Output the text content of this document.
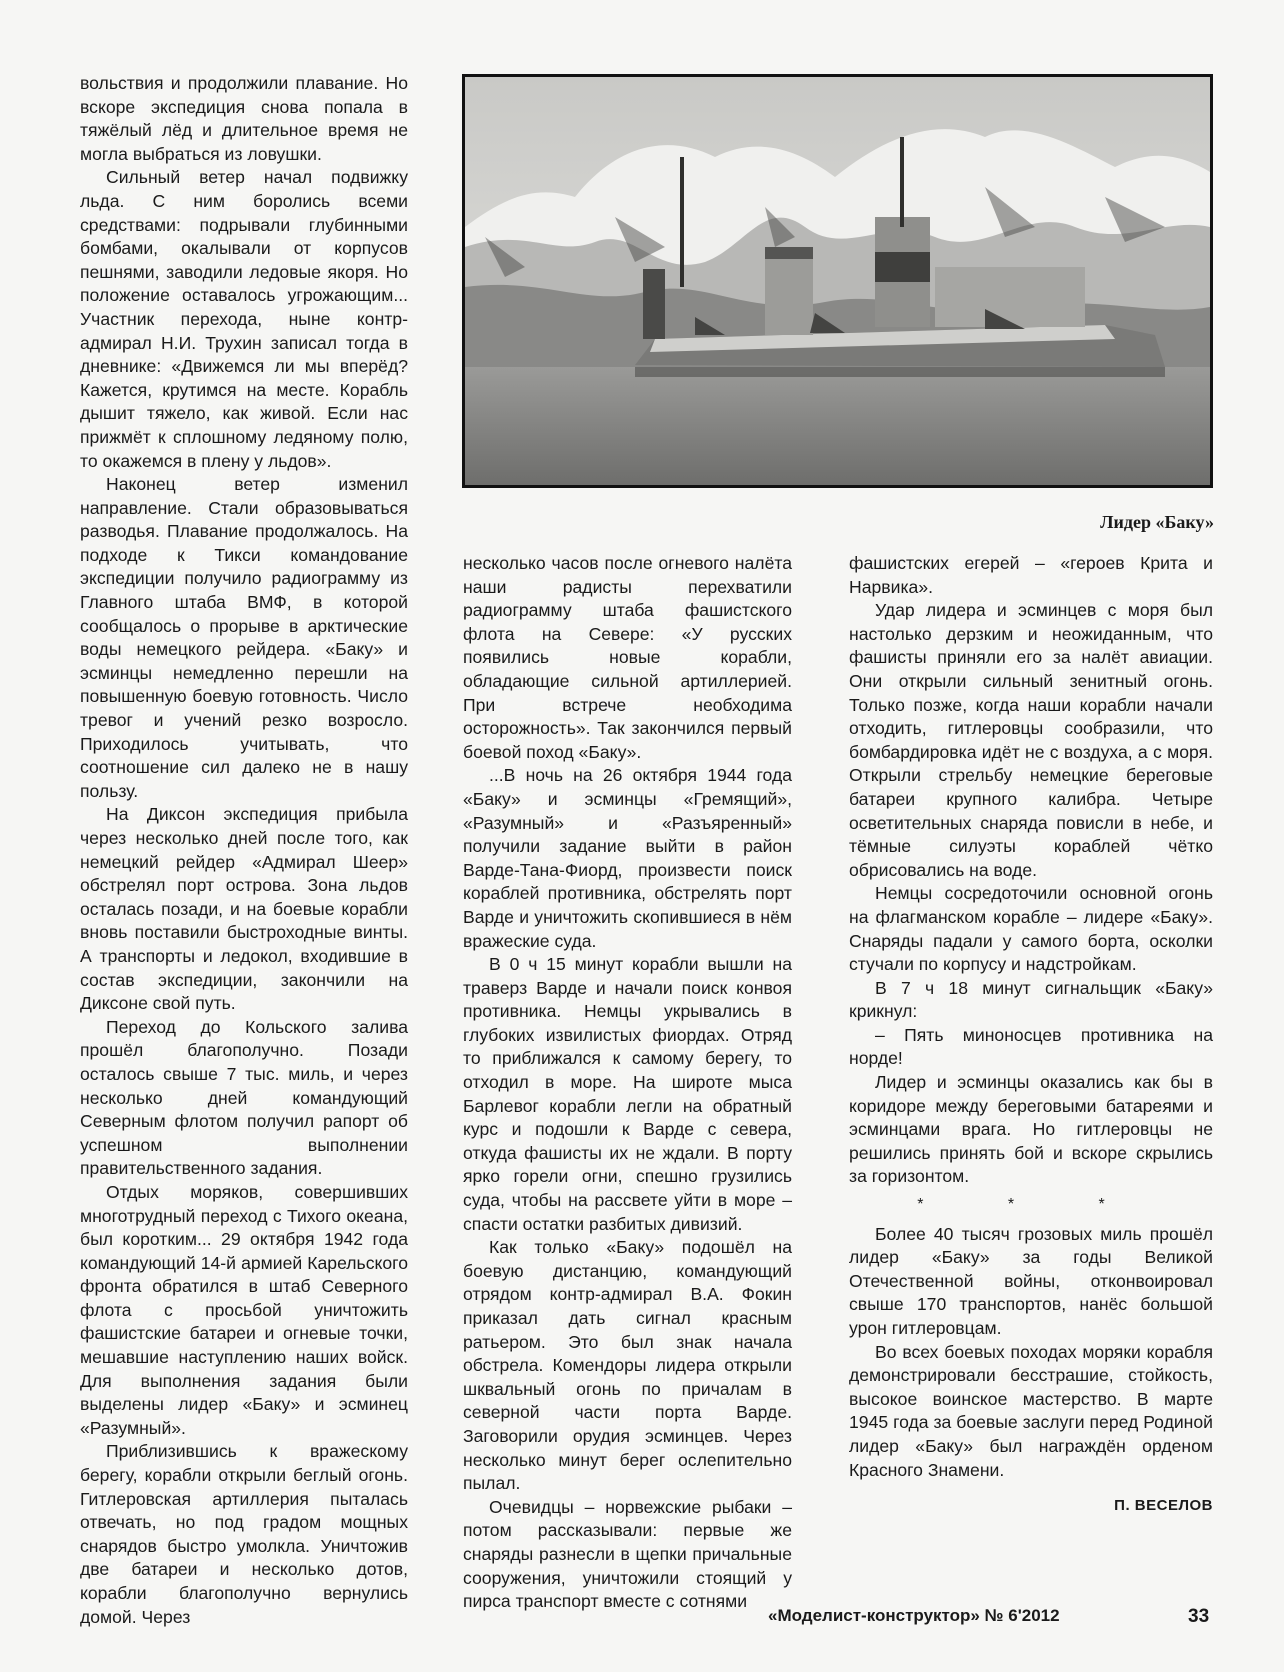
вольствия и продолжили плавание. Но вскоре экспедиция снова попала в тяжёлый лёд и длительное время не могла выбраться из ловушки.

Сильный ветер начал подвижку льда. С ним боролись всеми средствами: подрывали глубинными бомбами, окалывали от корпусов пешнями, заводили ледовые якоря. Но положение оставалось угрожающим... Участник перехода, ныне контр-адмирал Н.И. Трухин записал тогда в дневнике: «Движемся ли мы вперёд? Кажется, крутимся на месте. Корабль дышит тяжело, как живой. Если нас прижмёт к сплошному ледяному полю, то окажемся в плену у льдов».

Наконец ветер изменил направление. Стали образовываться разводья. Плавание продолжалось. На подходе к Тикси командование экспедиции получило радиограмму из Главного штаба ВМФ, в которой сообщалось о прорыве в арктические воды немецкого рейдера. «Баку» и эсминцы немедленно перешли на повышенную боевую готовность. Число тревог и учений резко возросло. Приходилось учитывать, что соотношение сил далеко не в нашу пользу.

На Диксон экспедиция прибыла через несколько дней после того, как немецкий рейдер «Адмирал Шеер» обстрелял порт острова. Зона льдов осталась позади, и на боевые корабли вновь поставили быстроходные винты. А транспорты и ледокол, входившие в состав экспедиции, закончили на Диксоне свой путь.

Переход до Кольского залива прошёл благополучно. Позади осталось свыше 7 тыс. миль, и через несколько дней командующий Северным флотом получил рапорт об успешном выполнении правительственного задания.

Отдых моряков, совершивших многотрудный переход с Тихого океана, был коротким... 29 октября 1942 года командующий 14-й армией Карельского фронта обратился в штаб Северного флота с просьбой уничтожить фашистские батареи и огневые точки, мешавшие наступлению наших войск. Для выполнения задания были выделены лидер «Баку» и эсминец «Разумный».

Приблизившись к вражескому берегу, корабли открыли беглый огонь. Гитлеровская артиллерия пыталась отвечать, но под градом мощных снарядов быстро умолкла. Уничтожив две батареи и несколько дотов, корабли благополучно вернулись домой. Через

Лидер «Баку»

несколько часов после огневого налёта наши радисты перехватили радиограмму штаба фашистского флота на Севере: «У русских появились новые корабли, обладающие сильной артиллерией. При встрече необходима осторожность». Так закончился первый боевой поход «Баку».

...В ночь на 26 октября 1944 года «Баку» и эсминцы «Гремящий», «Разумный» и «Разъяренный» получили задание выйти в район Варде-Тана-Фиорд, произвести поиск кораблей противника, обстрелять порт Варде и уничтожить скопившиеся в нём вражеские суда.

В 0 ч 15 минут корабли вышли на траверз Варде и начали поиск конвоя противника. Немцы укрывались в глубоких извилистых фиордах. Отряд то приближался к самому берегу, то отходил в море. На широте мыса Барлевог корабли легли на обратный курс и подошли к Варде с севера, откуда фашисты их не ждали. В порту ярко горели огни, спешно грузились суда, чтобы на рассвете уйти в море – спасти остатки разбитых дивизий.

Как только «Баку» подошёл на боевую дистанцию, командующий отрядом контр-адмирал В.А. Фокин приказал дать сигнал красным ратьером. Это был знак начала обстрела. Комендоры лидера открыли шквальный огонь по причалам в северной части порта Варде. Заговорили орудия эсминцев. Через несколько минут берег ослепительно пылал.

Очевидцы – норвежские рыбаки – потом рассказывали: первые же снаряды разнесли в щепки причальные сооружения, уничтожили стоящий у пирса транспорт вместе с сотнями

фашистских егерей – «героев Крита и Нарвика».

Удар лидера и эсминцев с моря был настолько дерзким и неожиданным, что фашисты приняли его за налёт авиации. Они открыли сильный зенитный огонь. Только позже, когда наши корабли начали отходить, гитлеровцы сообразили, что бомбардировка идёт не с воздуха, а с моря. Открыли стрельбу немецкие береговые батареи крупного калибра. Четыре осветительных снаряда повисли в небе, и тёмные силуэты кораблей чётко обрисовались на воде.

Немцы сосредоточили основной огонь на флагманском корабле – лидере «Баку». Снаряды падали у самого борта, осколки стучали по корпусу и надстройкам.

В 7 ч 18 минут сигнальщик «Баку» крикнул:

– Пять миноносцев противника на норде!

Лидер и эсминцы оказались как бы в коридоре между береговыми батареями и эсминцами врага. Но гитлеровцы не решились принять бой и вскоре скрылись за горизонтом.

* * *

Более 40 тысяч грозовых миль прошёл лидер «Баку» за годы Великой Отечественной войны, отконвоировал свыше 170 транспортов, нанёс большой урон гитлеровцам.

Во всех боевых походах моряки корабля демонстрировали бесстрашие, стойкость, высокое воинское мастерство. В марте 1945 года за боевые заслуги перед Родиной лидер «Баку» был награждён орденом Красного Знамени.

П. ВЕСЕЛОВ
«Моделист-конструктор» № 6'2012	33
